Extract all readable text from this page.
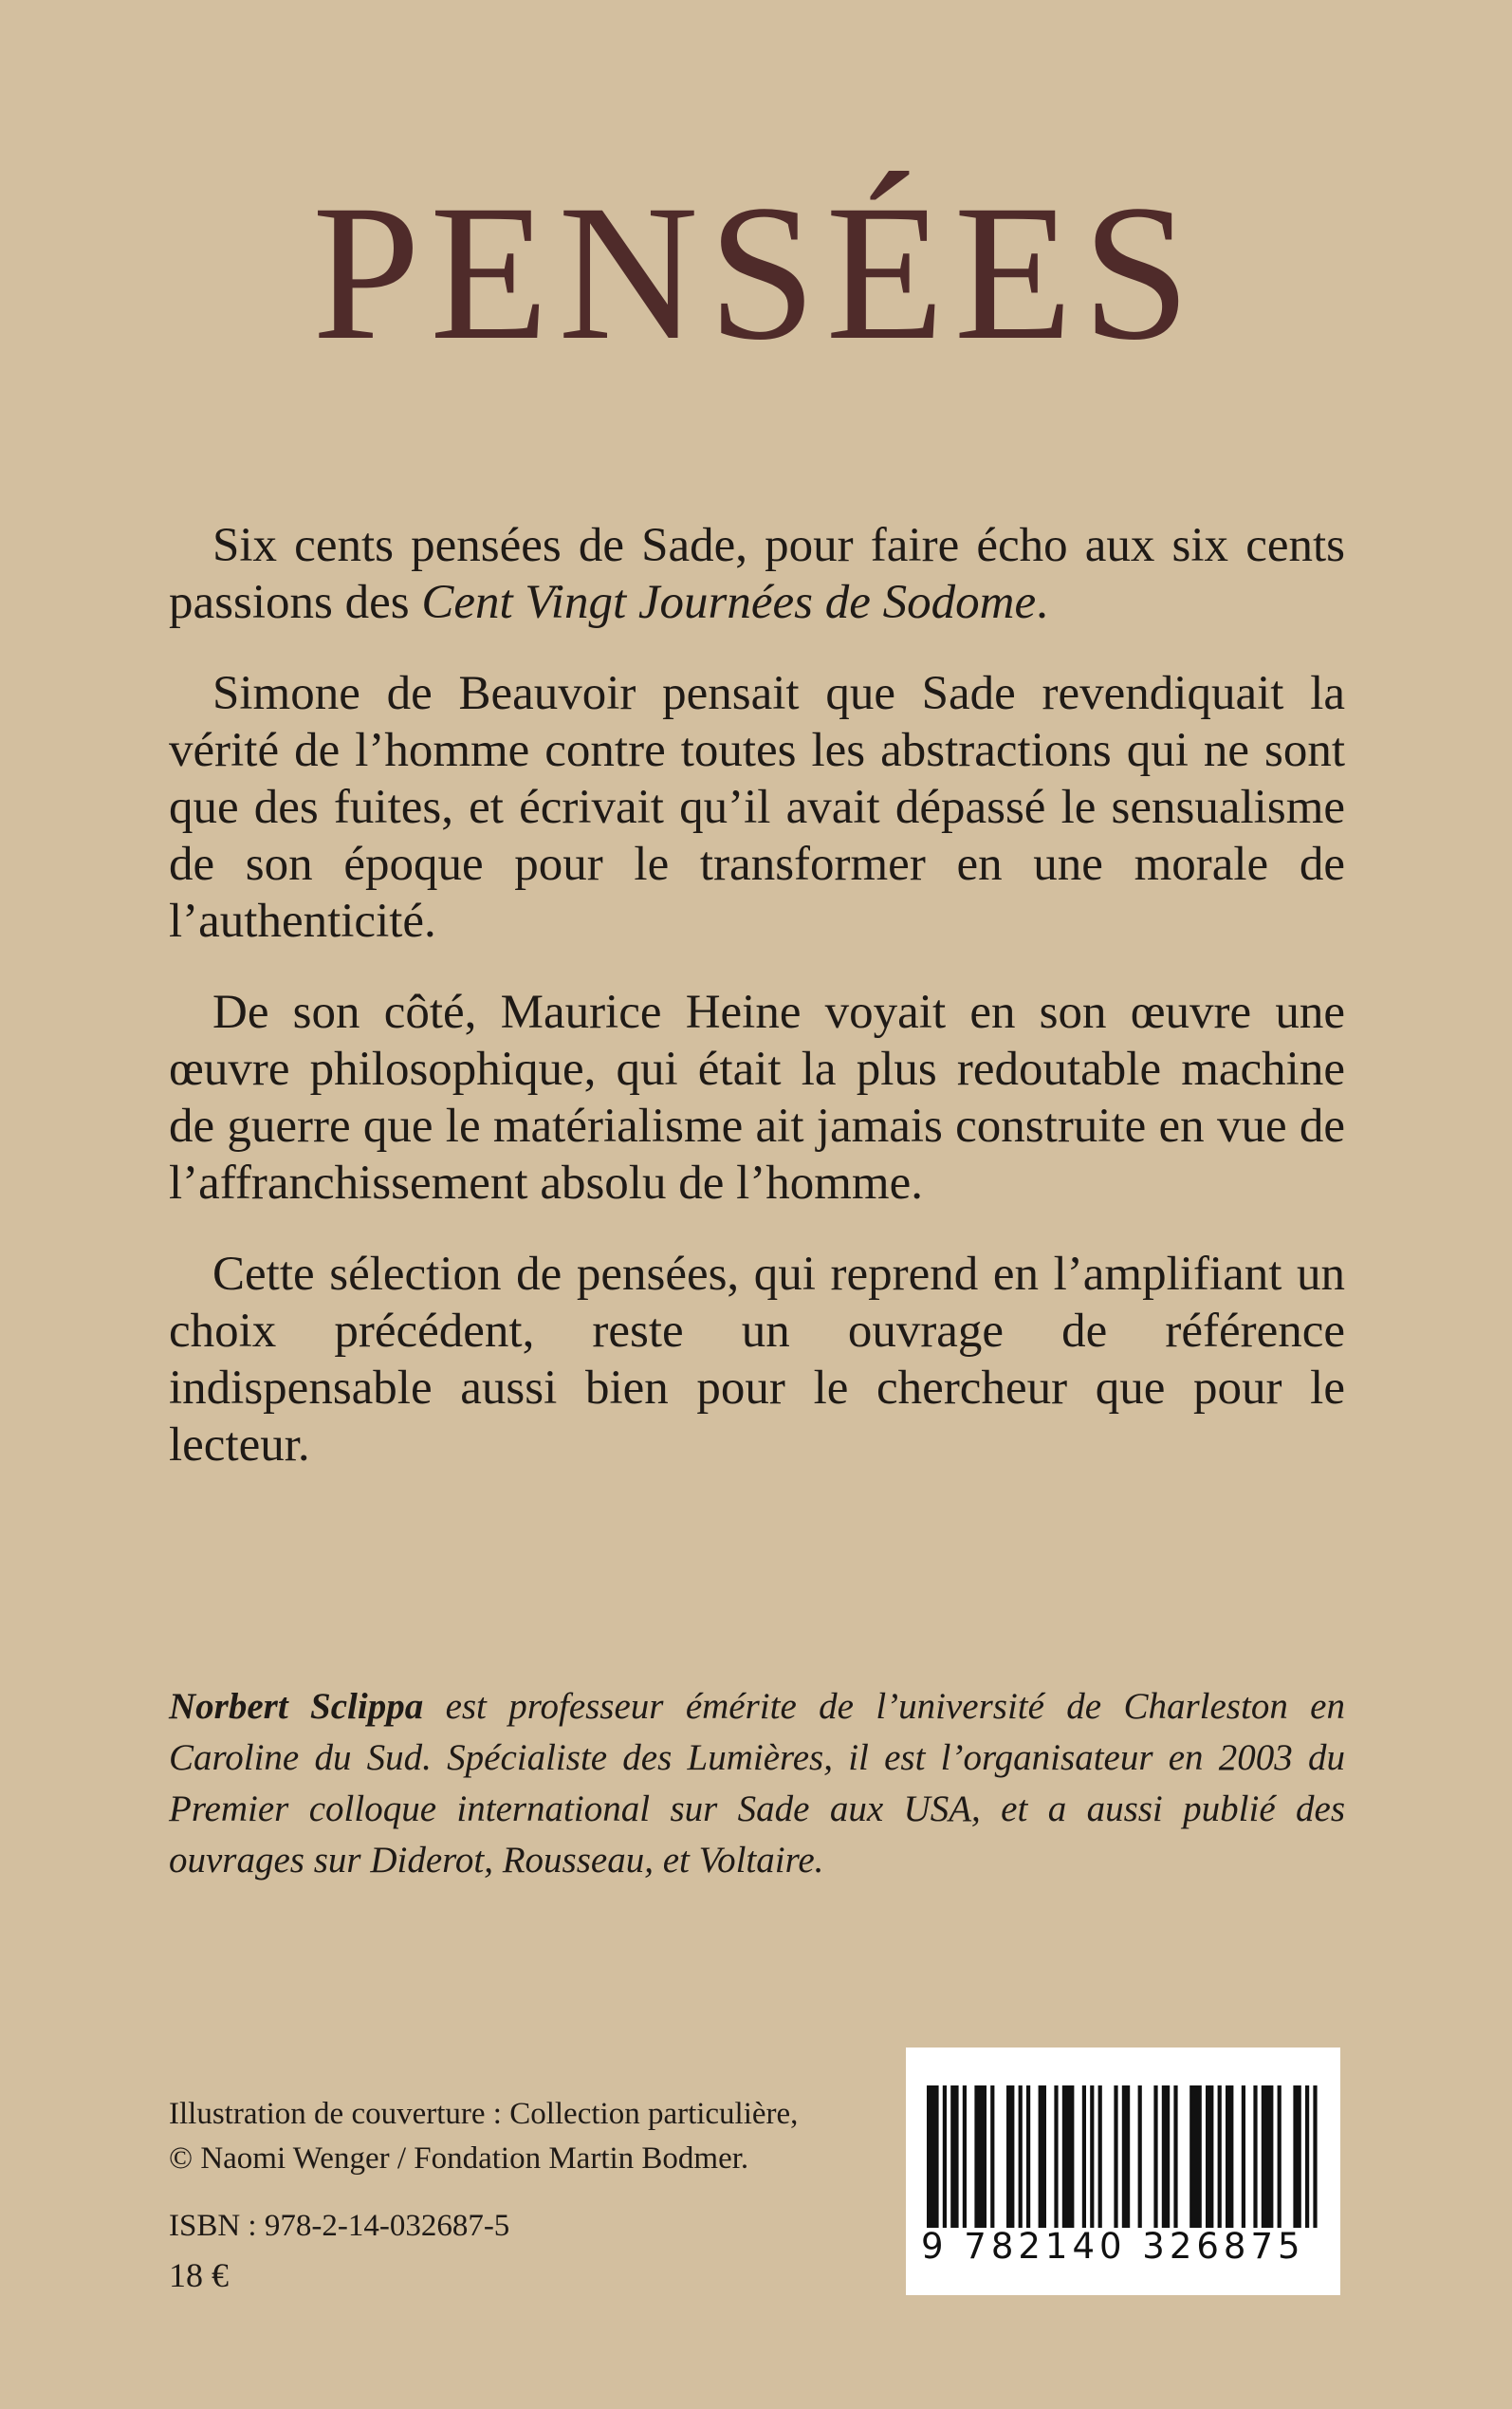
PENSÉES

Six cents pensées de Sade, pour faire écho aux six cents passions des Cent Vingt Journées de Sodome.

Simone de Beauvoir pensait que Sade revendiquait la vérité de l’homme contre toutes les abstractions qui ne sont que des fuites, et écrivait qu’il avait dépassé le sensualisme de son époque pour le transformer en une morale de l’authenticité.

De son côté, Maurice Heine voyait en son œuvre une œuvre philosophique, qui était la plus redoutable machine de guerre que le matérialisme ait jamais construite en vue de l’affranchissement absolu de l’homme.

Cette sélection de pensées, qui reprend en l’amplifiant un choix précédent, reste un ouvrage de référence indispensable aussi bien pour le chercheur que pour le lecteur.

Norbert Sclippa est professeur émérite de l’université de Charleston en Caroline du Sud. Spécialiste des Lumières, il est l’organisateur en 2003 du Premier colloque international sur Sade aux USA, et a aussi publié des ouvrages sur Diderot, Rousseau, et Voltaire.

Illustration de couverture : Collection particulière,
© Naomi Wenger / Fondation Martin Bodmer.
ISBN : 978-2-14-032687-5
18 €
9 782140 326875
